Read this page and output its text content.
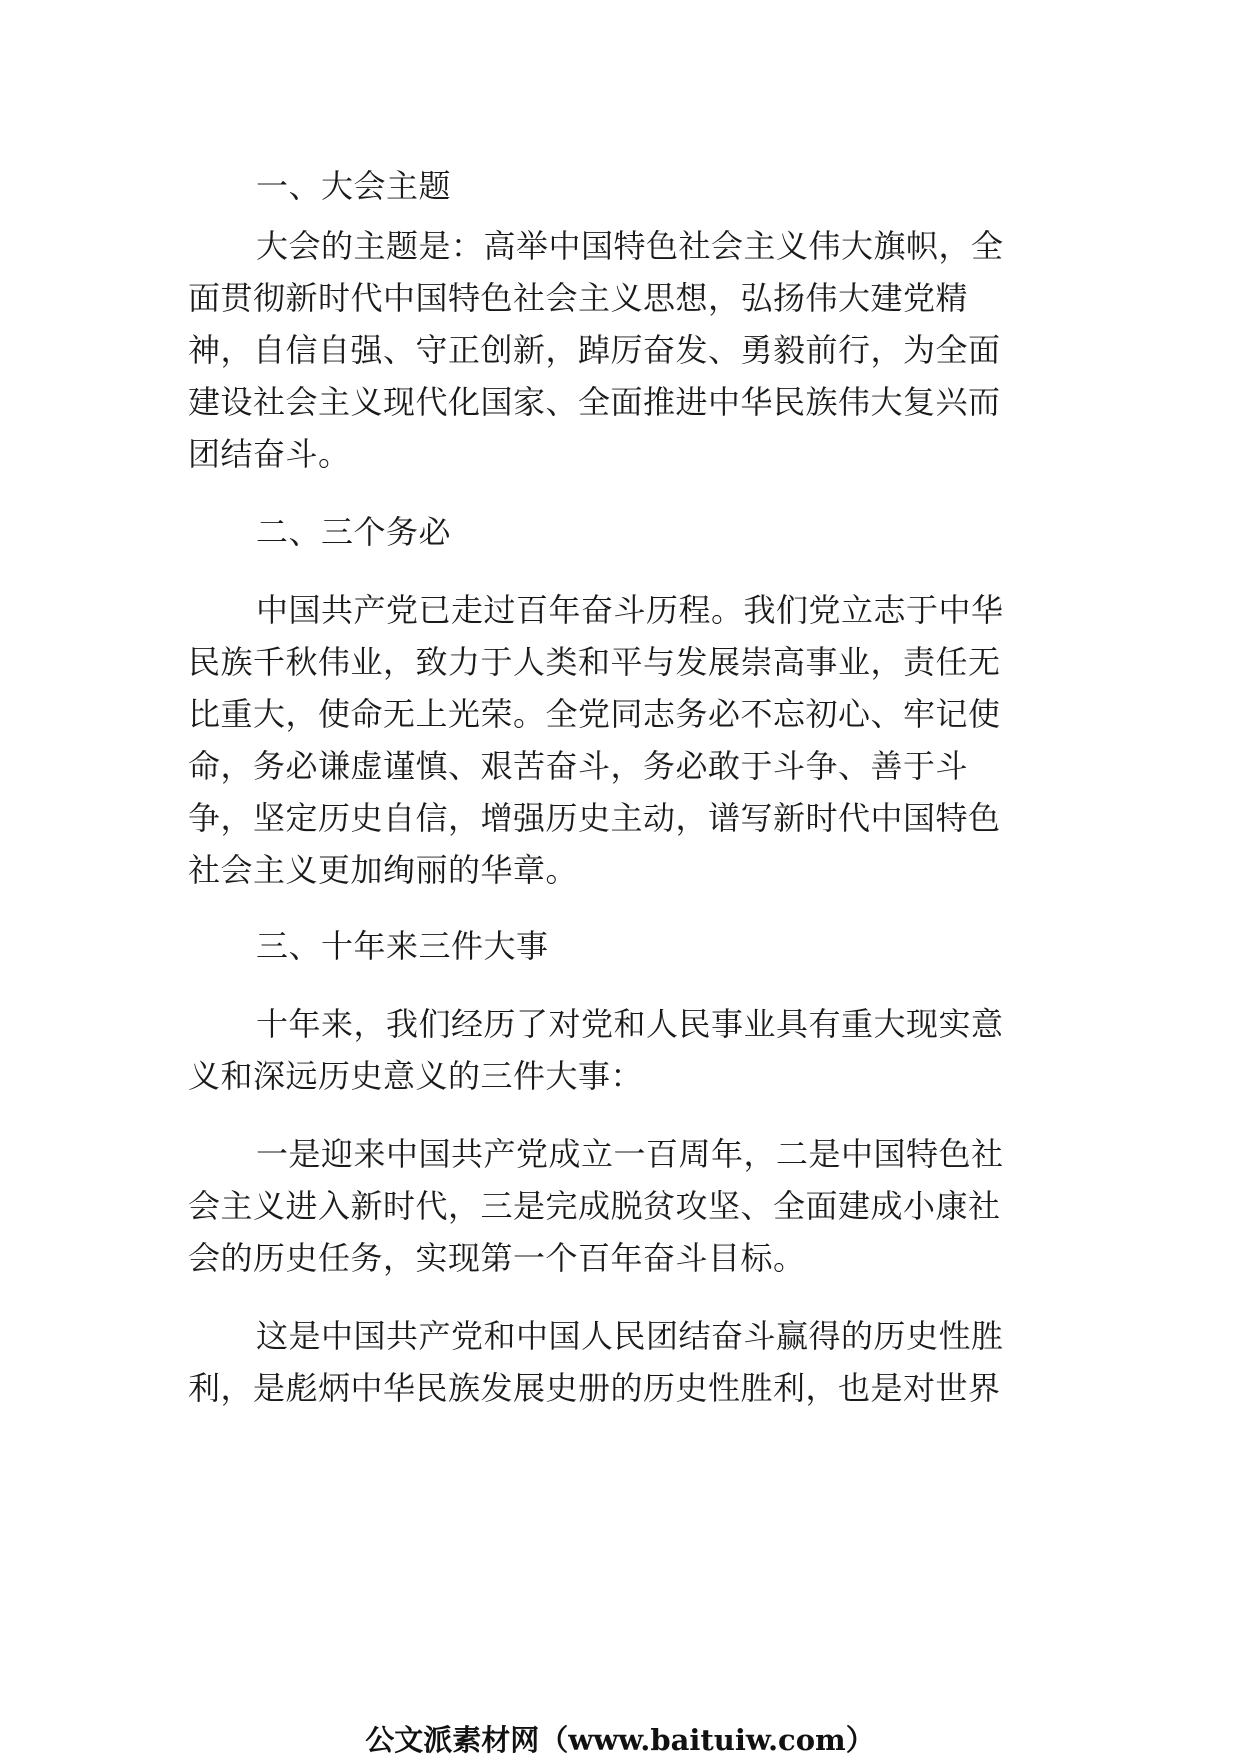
一、大会主题
大会的主题是：高举中国特色社会主义伟大旗帜，全
面贯彻新时代中国特色社会主义思想，弘扬伟大建党精
神，自信自强、守正创新，踔厉奋发、勇毅前行，为全面
建设社会主义现代化国家、全面推进中华民族伟大复兴而
团结奋斗。
二、三个务必
中国共产党已走过百年奋斗历程。我们党立志于中华
民族千秋伟业，致力于人类和平与发展崇高事业，责任无
比重大，使命无上光荣。全党同志务必不忘初心、牢记使
命，务必谦虚谨慎、艰苦奋斗，务必敢于斗争、善于斗
争，坚定历史自信，增强历史主动，谱写新时代中国特色
社会主义更加绚丽的华章。
三、十年来三件大事
十年来，我们经历了对党和人民事业具有重大现实意
义和深远历史意义的三件大事：
一是迎来中国共产党成立一百周年，二是中国特色社
会主义进入新时代，三是完成脱贫攻坚、全面建成小康社
会的历史任务，实现第一个百年奋斗目标。
这是中国共产党和中国人民团结奋斗赢得的历史性胜
利，是彪炳中华民族发展史册的历史性胜利，也是对世界
公文派素材网（www.baituiw.com）
